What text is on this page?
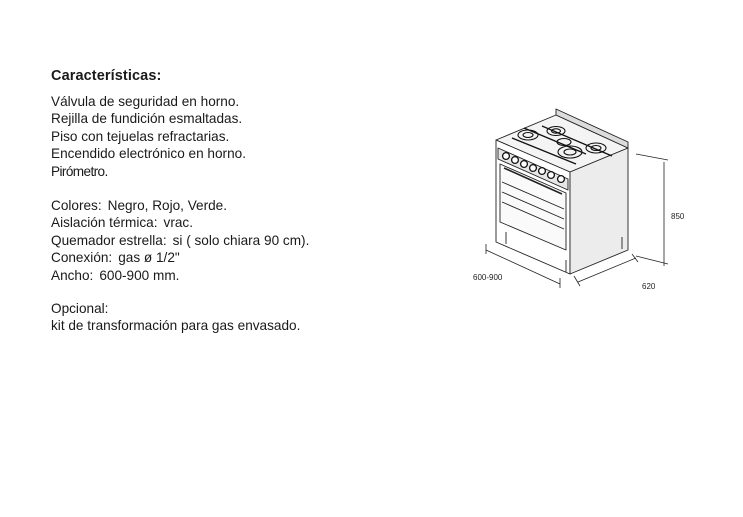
Características:

Válvula de seguridad en horno.

Rejilla de fundición esmaltadas.

Piso con tejuelas refractarias.

Encendido electrónico en horno.

Pirómetro.

Colores: Negro, Rojo, Verde.

Aislación térmica: vrac.

Quemador estrella: si ( solo chiara 90 cm).

Conexión: gas ø 1/2"

Ancho: 600-900 mm.

Opcional:

kit de transformación para gas envasado.

850
600-900
620
